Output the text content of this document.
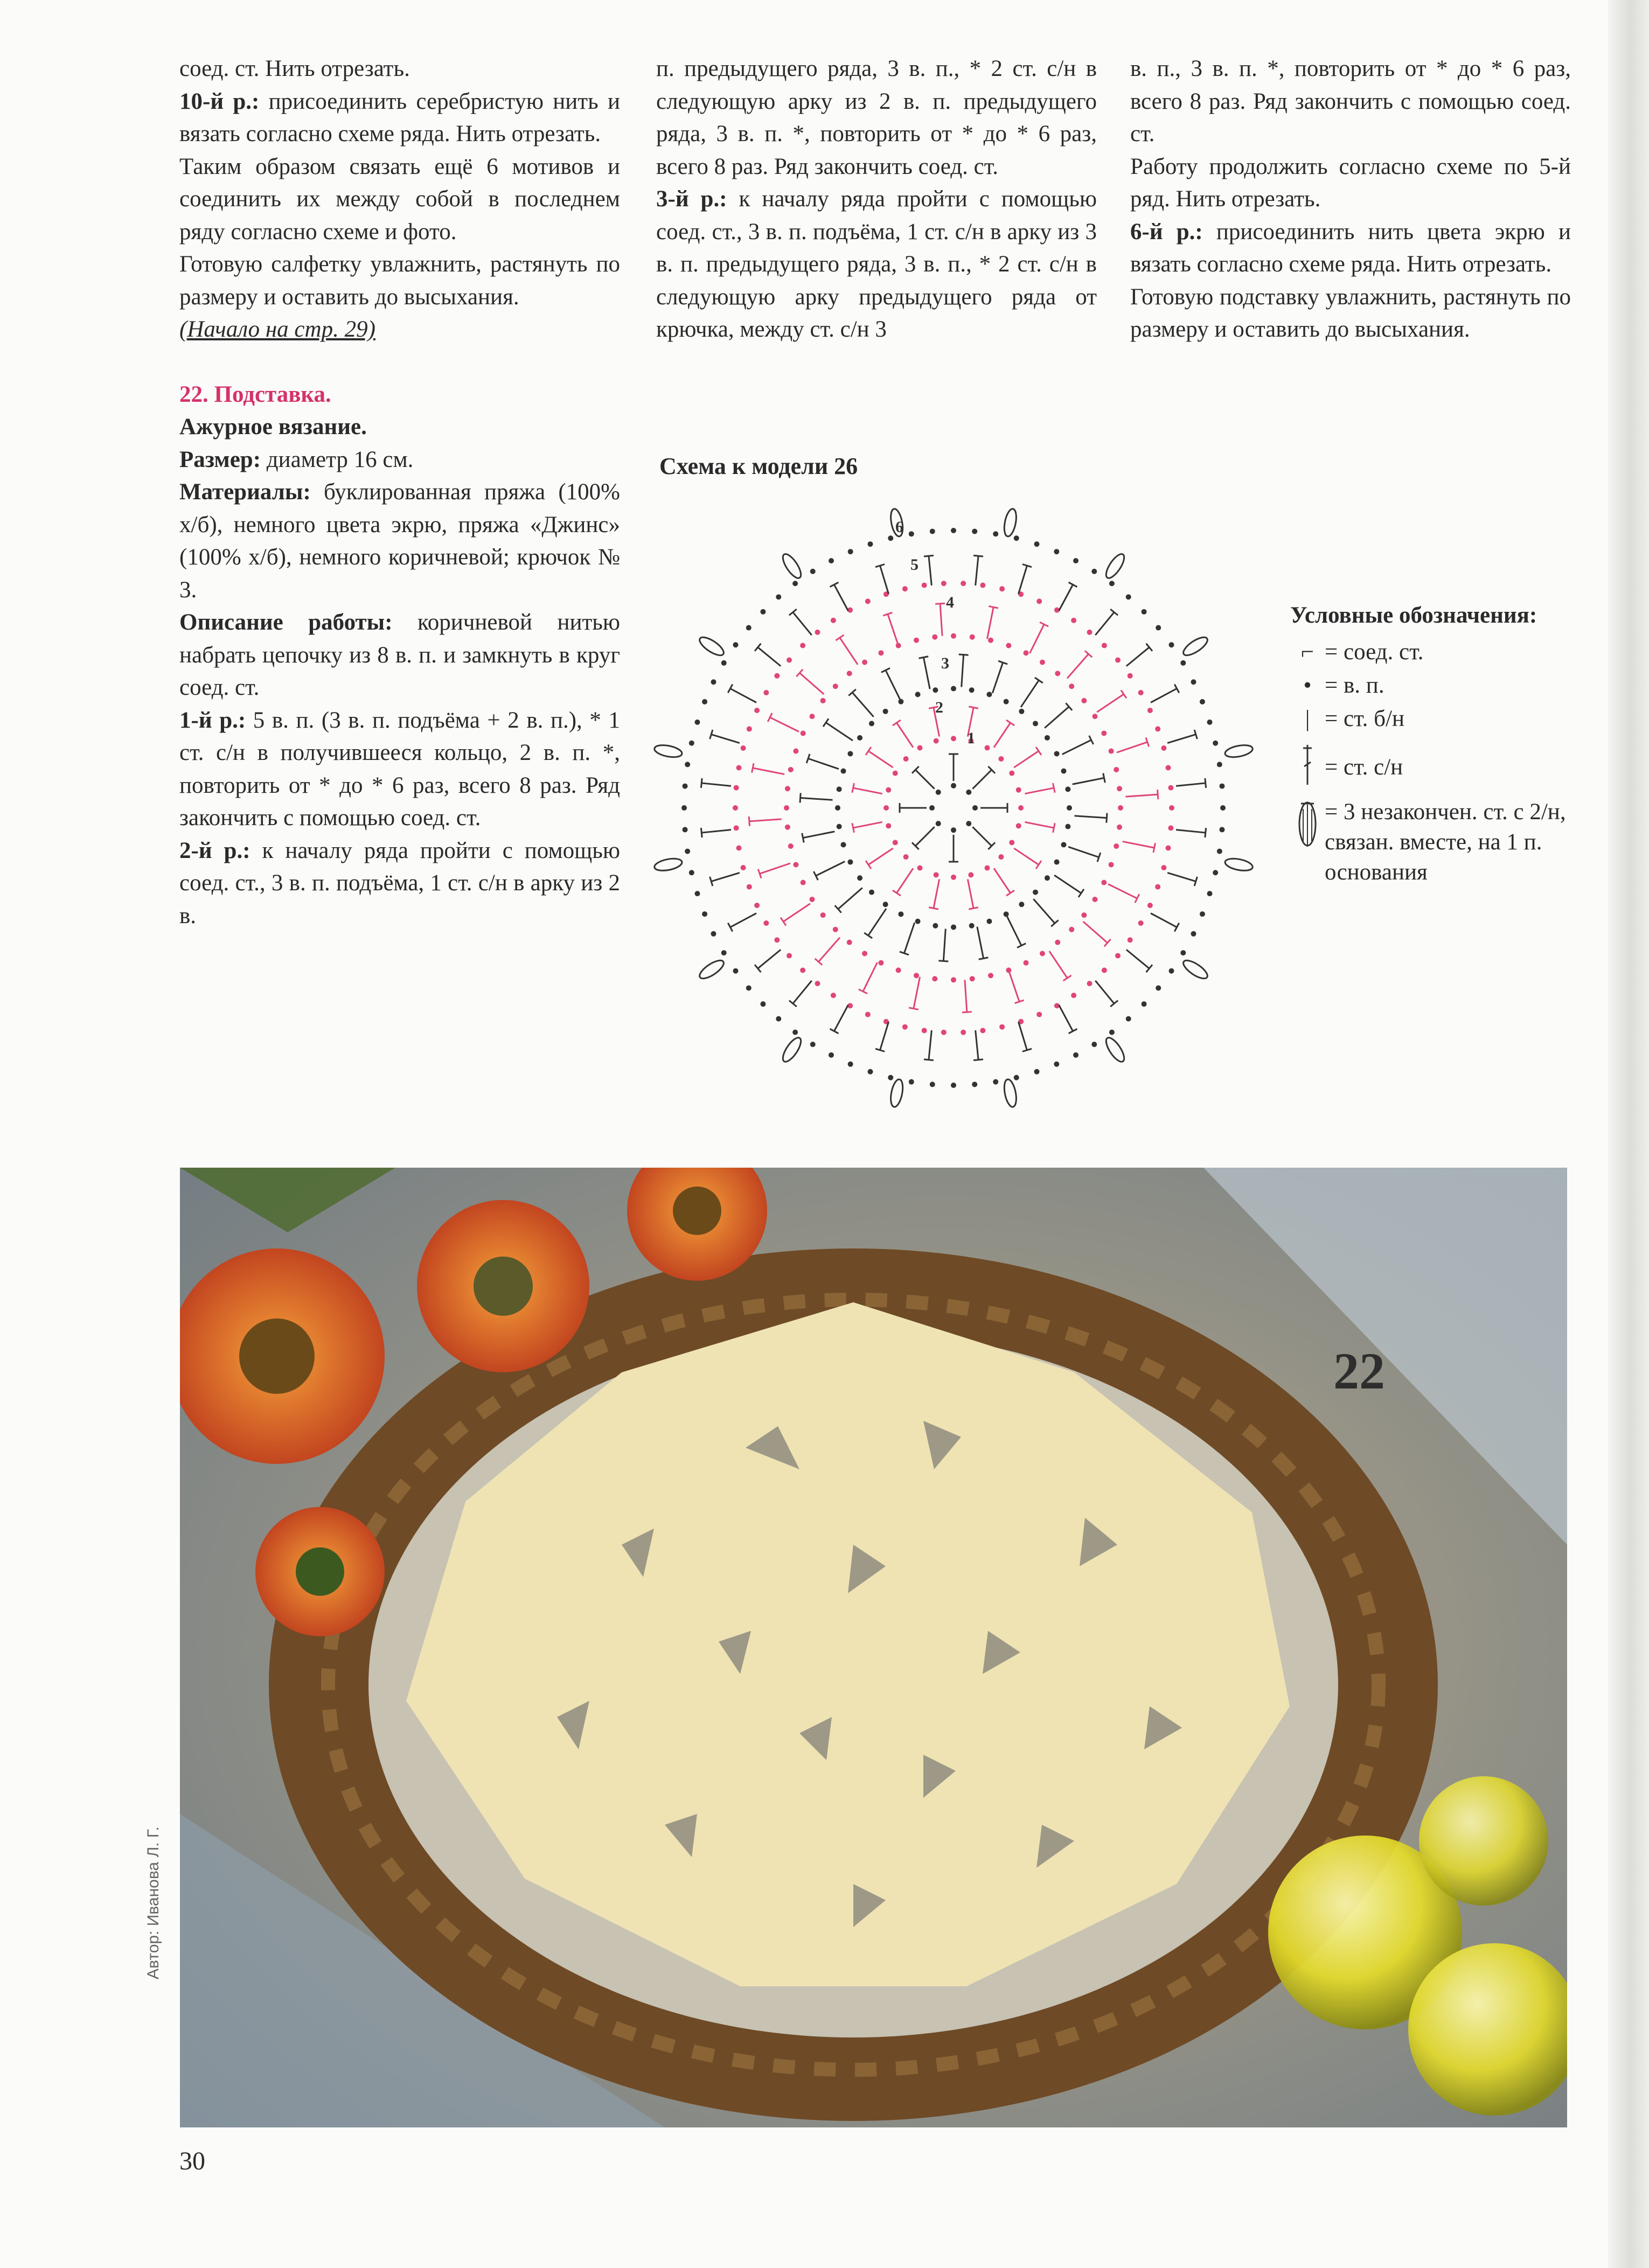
соед. ст. Нить отрезать.

10-й р.: присоединить серебристую нить и вязать согласно схеме ряда. Нить отрезать.

Таким образом связать ещё 6 мотивов и соединить их между собой в последнем ряду согласно схеме и фото.

Готовую салфетку увлажнить, растянуть по размеру и оставить до высыхания.

(Начало на стр. 29)

22. Подставка.

Ажурное вязание.

Размер: диаметр 16 см.

Материалы: буклированная пряжа (100% х/б), немного цвета экрю, пряжа «Джинс» (100% х/б), немного коричневой; крючок № 3.

Описание работы: коричневой нитью набрать цепочку из 8 в. п. и замкнуть в круг соед. ст.

1-й р.: 5 в. п. (3 в. п. подъёма + 2 в. п.), * 1 ст. с/н в получившееся кольцо, 2 в. п. *, повторить от * до * 6 раз, всего 8 раз. Ряд закончить с помощью соед. ст.

2-й р.: к началу ряда пройти с помощью соед. ст., 3 в. п. подъёма, 1 ст. с/н в арку из 2 в.

п. предыдущего ряда, 3 в. п., * 2 ст. с/н в следующую арку из 2 в. п. предыдущего ряда, 3 в. п. *, повторить от * до * 6 раз, всего 8 раз. Ряд закончить соед. ст.

3-й р.: к началу ряда пройти с помощью соед. ст., 3 в. п. подъёма, 1 ст. с/н в арку из 3 в. п. предыдущего ряда, 3 в. п., * 2 ст. с/н в следующую арку предыдущего ряда от крючка, между ст. с/н 3

в. п., 3 в. п. *, повторить от * до * 6 раз, всего 8 раз. Ряд закончить с помощью соед. ст.

Работу продолжить согласно схеме по 5-й ряд. Нить отрезать.

6-й р.: присоединить нить цвета экрю и вязать согласно схеме ряда. Нить отрезать.

Готовую подставку увлажнить, растянуть по размеру и оставить до высыхания.

Схема к модели 26
1
2
3
4
5
6
Условные обозначения:
⌐ = соед. ст.
• = в. п.
| = ст. б/н
= ст. с/н
= 3 незакончен. ст. с 2/н, связан. вместе, на 1 п. основания
22
Автор: Иванова Л. Г.
30
